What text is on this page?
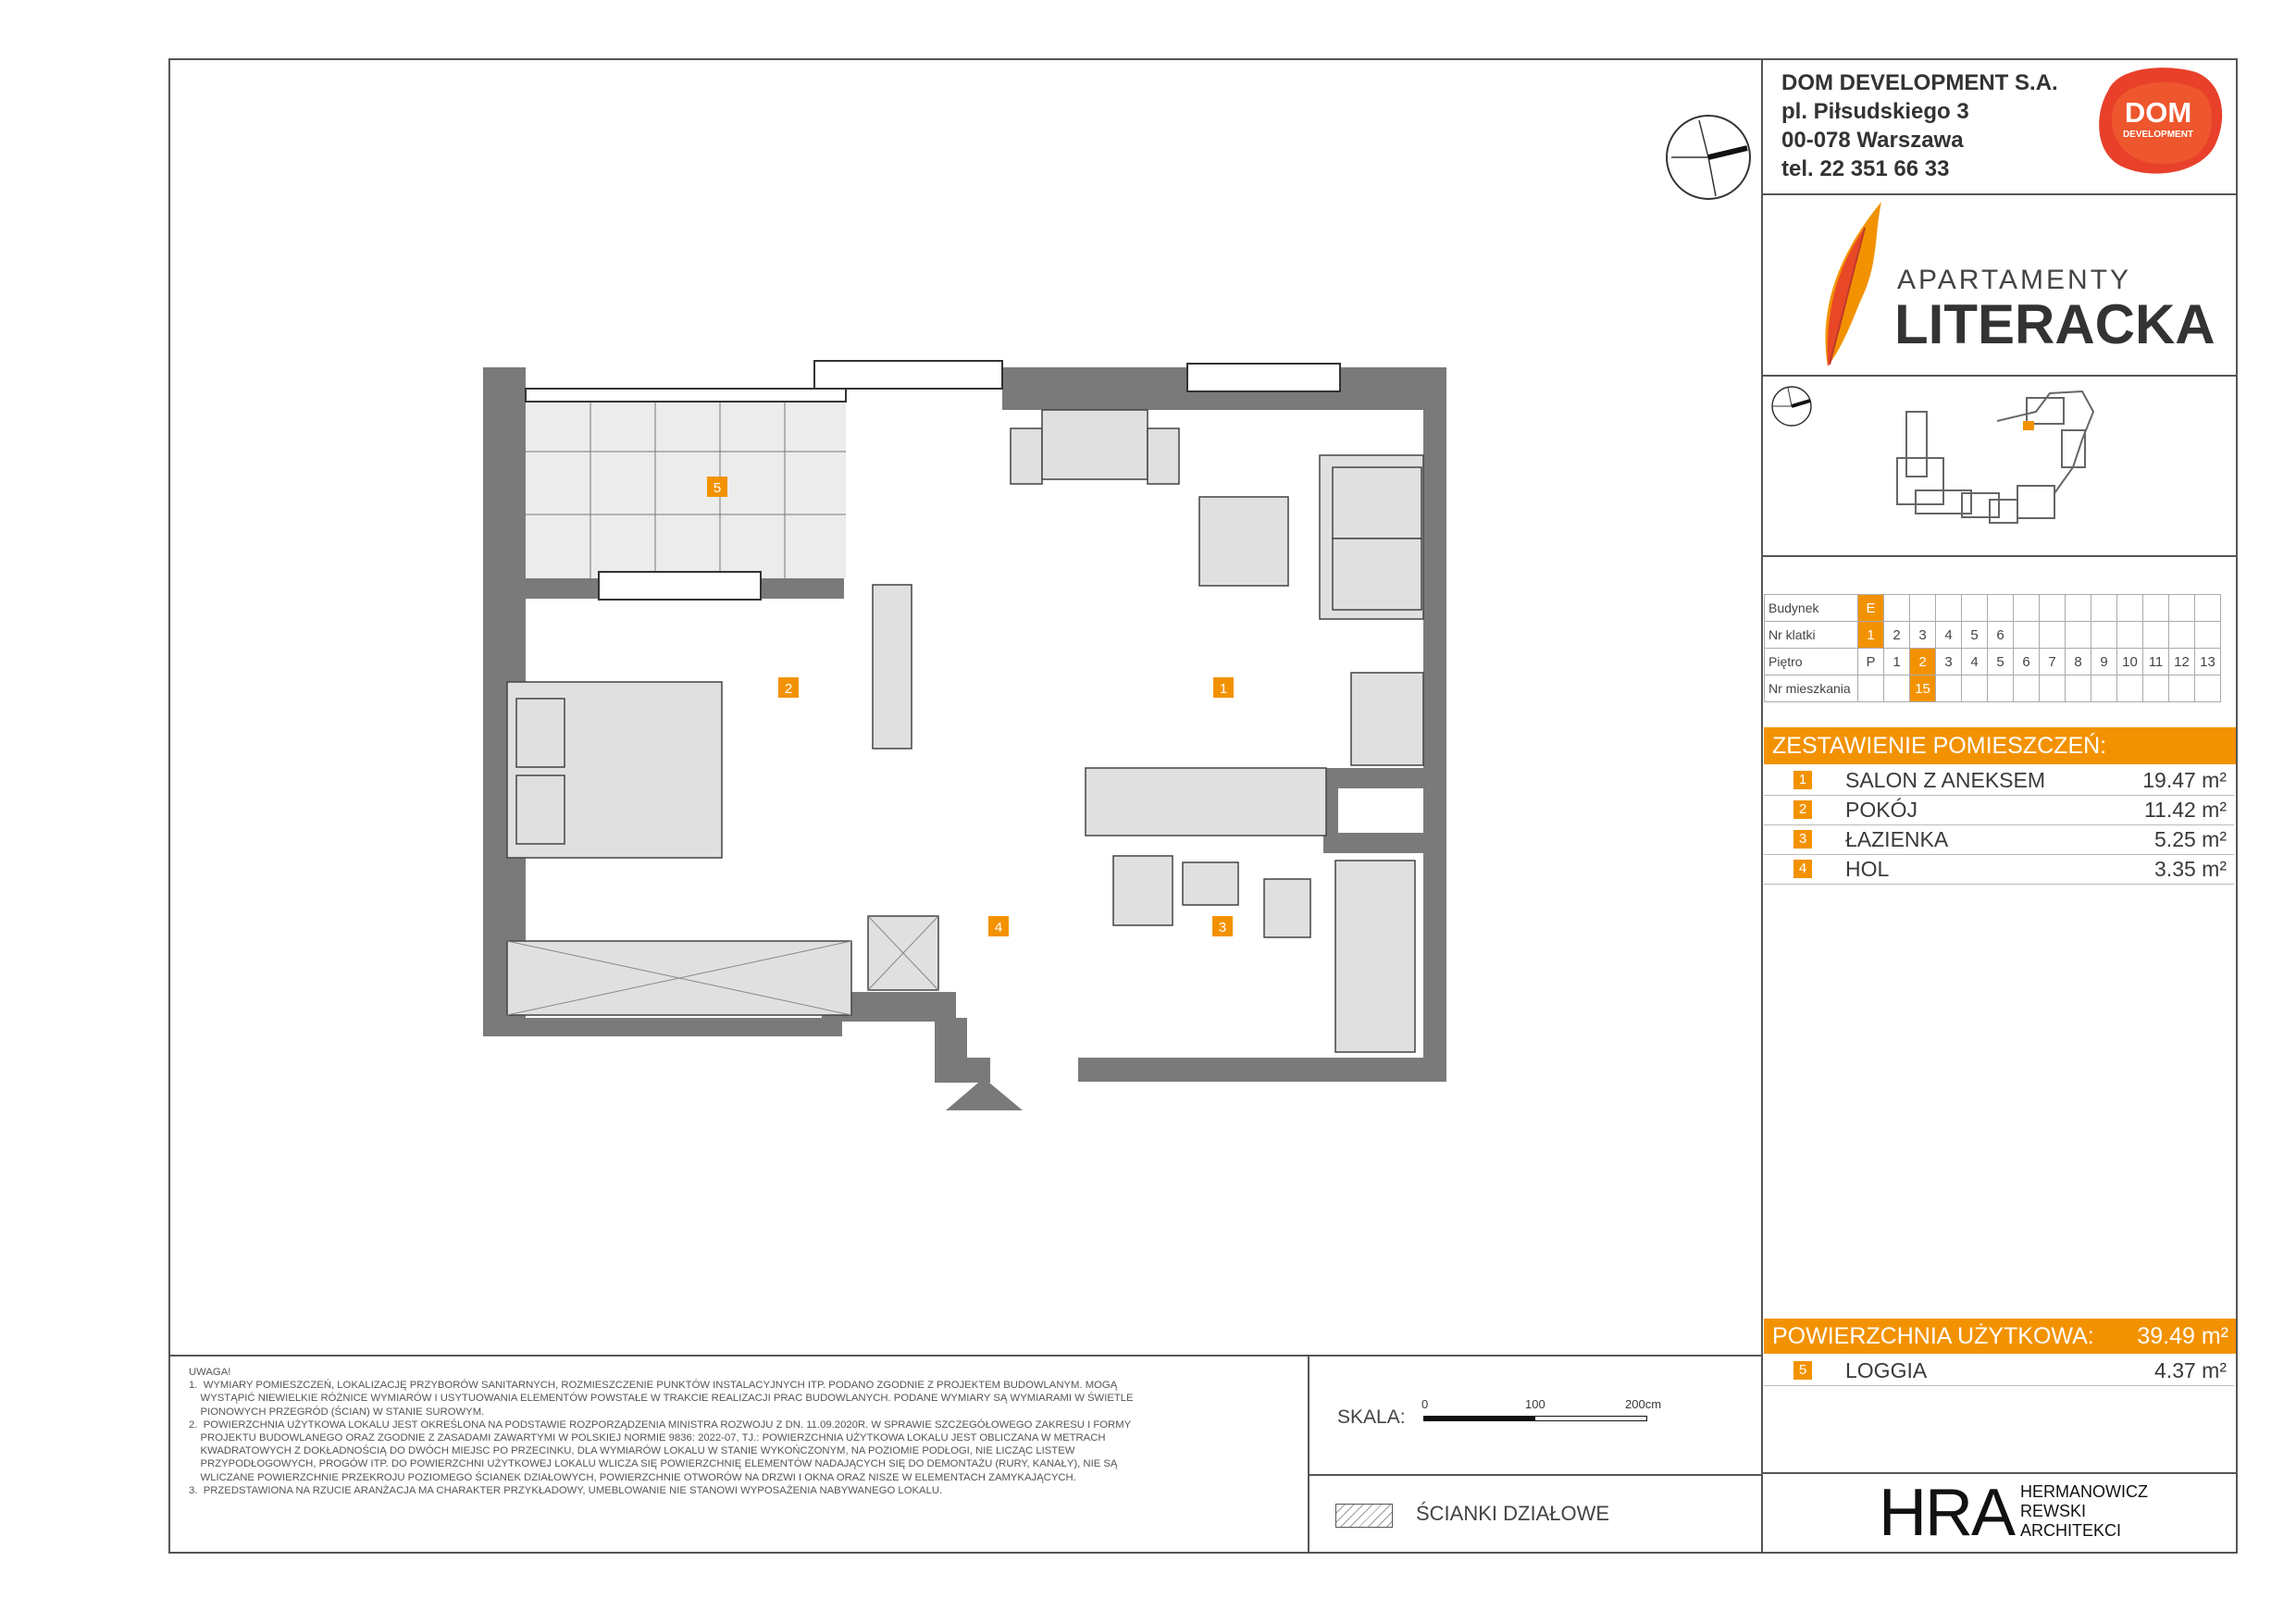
DOM DEVELOPMENT S.A.
pl. Piłsudskiego 3
00-078 Warszawa
tel. 22 351 66 33
DOM
DEVELOPMENT
APARTAMENTY
LITERACKA
Budynek	E													
Nr klatki	1	2	3	4	5	6								
Piętro	P	1	2	3	4	5	6	7	8	9	10	11	12	13
Nr mieszkania			15											
ZESTAWIENIE POMIESZCZEŃ:
1 SALON Z ANEKSEM	19.47 m²
2 POKÓJ	11.42 m²
3 ŁAZIENKA	5.25 m²
4 HOL	3.35 m²
POWIERZCHNIA UŻYTKOWA: 39.49 m²
5 LOGGIA	4.37 m²
UWAGA!
1.  WYMIARY POMIESZCZEŃ, LOKALIZACJĘ PRZYBORÓW SANITARNYCH, ROZMIESZCZENIE PUNKTÓW INSTALACYJNYCH ITP. PODANO ZGODNIE Z PROJEKTEM BUDOWLANYM. MOGĄ
WYSTĄPIĆ NIEWIELKIE RÓŻNICE WYMIARÓW I USYTUOWANIA ELEMENTÓW POWSTAŁE W TRAKCIE REALIZACJI PRAC BUDOWLANYCH. PODANE WYMIARY SĄ WYMIARAMI W ŚWIETLE
PIONOWYCH PRZEGRÓD (ŚCIAN) W STANIE SUROWYM.
2.  POWIERZCHNIA UŻYTKOWA LOKALU JEST OKREŚLONA NA PODSTAWIE ROZPORZĄDZENIA MINISTRA ROZWOJU Z DN. 11.09.2020R. W SPRAWIE SZCZEGÓŁOWEGO ZAKRESU I FORMY
PROJEKTU BUDOWLANEGO ORAZ ZGODNIE Z ZASADAMI ZAWARTYMI W POLSKIEJ NORMIE 9836: 2022-07, TJ.: POWIERZCHNIA UŻYTKOWA LOKALU JEST OBLICZANA W METRACH
KWADRATOWYCH Z DOKŁADNOŚCIĄ DO DWÓCH MIEJSC PO PRZECINKU, DLA WYMIARÓW LOKALU W STANIE WYKOŃCZONYM, NA POZIOMIE PODŁOGI, NIE LICZĄC LISTEW
PRZYPODŁOGOWYCH, PROGÓW ITP. DO POWIERZCHNI UŻYTKOWEJ LOKALU WLICZA SIĘ POWIERZCHNIĘ ELEMENTÓW NADAJĄCYCH SIĘ DO DEMONTAŻU (RURY, KANAŁY), NIE SĄ
WLICZANE POWIERZCHNIE PRZEKROJU POZIOMEGO ŚCIANEK DZIAŁOWYCH, POWIERZCHNIE OTWORÓW NA DRZWI I OKNA ORAZ NISZE W ELEMENTACH ZAMYKAJĄCYCH.
3.  PRZEDSTAWIONA NA RZUCIE ARANŻACJA MA CHARAKTER PRZYKŁADOWY, UMEBLOWANIE NIE STANOWI WYPOSAŻENIA NABYWANEGO LOKALU.
SKALA:
0	100	200cm
ŚCIANKI DZIAŁOWE	HRA HERMANOWICZ
REWSKI
ARCHITEKCI
5
2	1
4	3
